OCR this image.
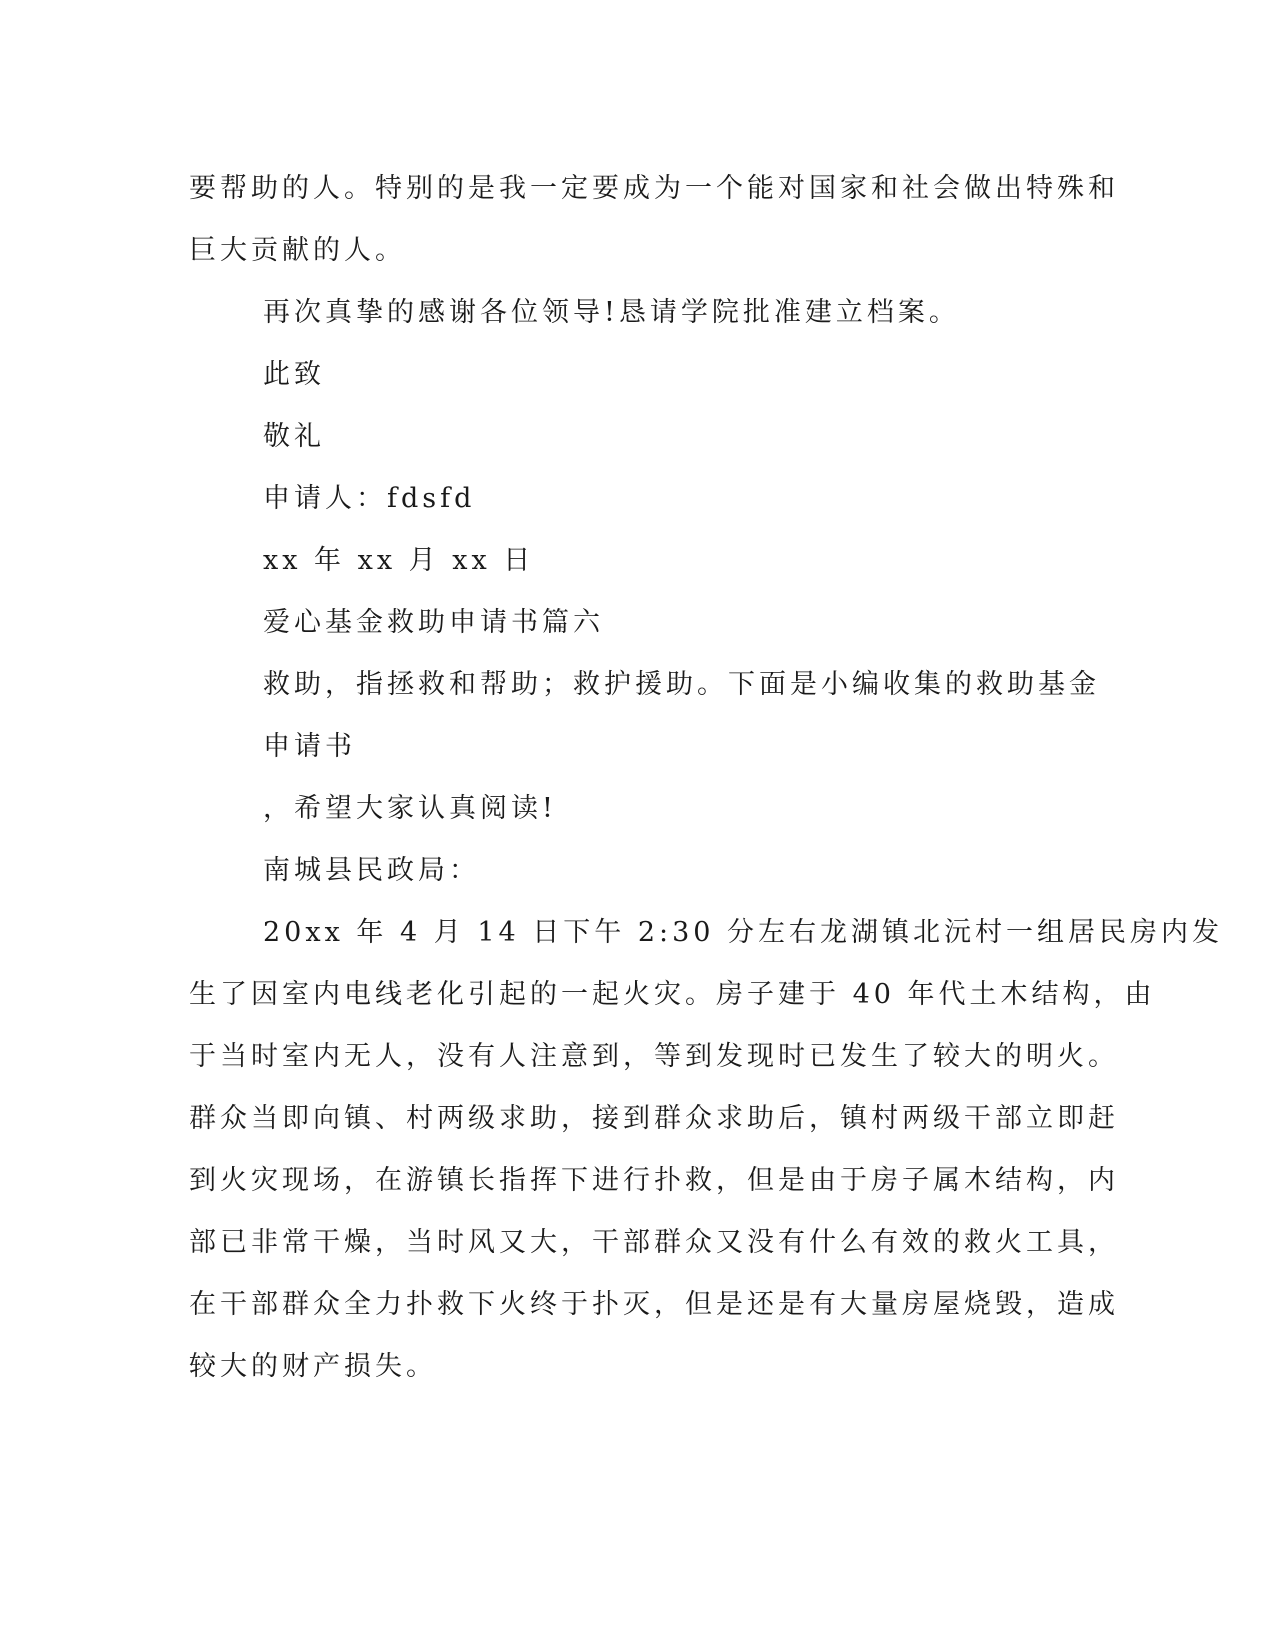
要帮助的人。特别的是我一定要成为一个能对国家和社会做出特殊和
巨大贡献的人。
再次真挚的感谢各位领导!恳请学院批准建立档案。
此致
敬礼
申请人：fdsfd
xx 年 xx 月 xx 日
爱心基金救助申请书篇六
救助，指拯救和帮助；救护援助。下面是小编收集的救助基金
申请书
，希望大家认真阅读!
南城县民政局：
20xx 年 4 月 14 日下午 2:30 分左右龙湖镇北沅村一组居民房内发
生了因室内电线老化引起的一起火灾。房子建于 40 年代土木结构，由
于当时室内无人，没有人注意到，等到发现时已发生了较大的明火。
群众当即向镇、村两级求助，接到群众求助后，镇村两级干部立即赶
到火灾现场，在游镇长指挥下进行扑救，但是由于房子属木结构，内
部已非常干燥，当时风又大，干部群众又没有什么有效的救火工具，
在干部群众全力扑救下火终于扑灭，但是还是有大量房屋烧毁，造成
较大的财产损失。
